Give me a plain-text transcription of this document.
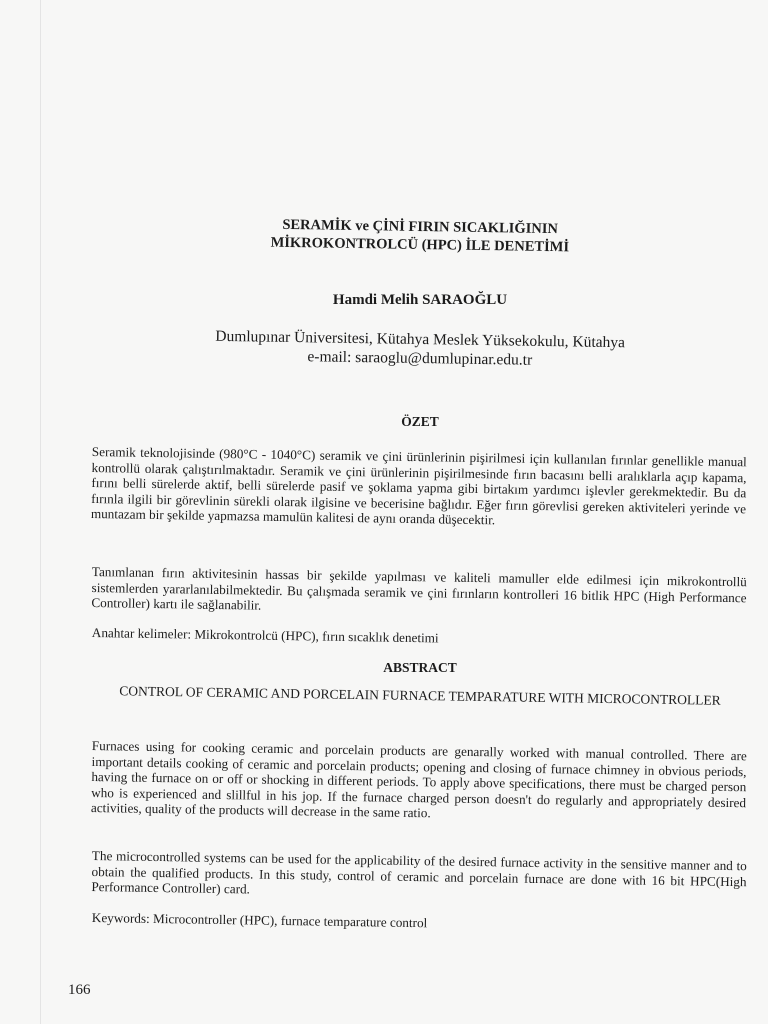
SERAMİK ve ÇİNİ FIRIN SICAKLIĞININ
MİKROKONTROLCÜ (HPC) İLE DENETİMİ
Hamdi Melih SARAOĞLU
Dumlupınar Üniversitesi, Kütahya Meslek Yüksekokulu, Kütahya
e-mail: saraoglu@dumlupinar.edu.tr
ÖZET
Seramik teknolojisinde (980°C - 1040°C) seramik ve çini ürünlerinin pişirilmesi için kullanılan fırınlar genellikle manual kontrollü olarak çalıştırılmaktadır. Seramik ve çini ürünlerinin pişirilmesinde fırın bacasını belli aralıklarla açıp kapama, fırını belli sürelerde aktif, belli sürelerde pasif ve şoklama yapma gibi birtakım yardımcı işlevler gerekmektedir. Bu da fırınla ilgili bir görevlinin sürekli olarak ilgisine ve becerisine bağlıdır. Eğer fırın görevlisi gereken aktiviteleri yerinde ve muntazam bir şekilde yapmazsa mamulün kalitesi de aynı oranda düşecektir.
Tanımlanan fırın aktivitesinin hassas bir şekilde yapılması ve kaliteli mamuller elde edilmesi için mikrokontrollü sistemlerden yararlanılabilmektedir. Bu çalışmada seramik ve çini fırınların kontrolleri 16 bitlik HPC (High Performance Controller) kartı ile sağlanabilir.
Anahtar kelimeler: Mikrokontrolcü (HPC), fırın sıcaklık denetimi
ABSTRACT
CONTROL OF CERAMIC AND PORCELAIN FURNACE TEMPARATURE WITH MICROCONTROLLER
Furnaces using for cooking ceramic and porcelain products are genarally worked with manual controlled. There are important details cooking of ceramic and porcelain products; opening and closing of furnace chimney in obvious periods, having the furnace on or off or shocking in different periods. To apply above specifications, there must be charged person who is experienced and slillful in his jop. If the furnace charged person doesn't do regularly and appropriately desired activities, quality of the products will decrease in the same ratio.
The microcontrolled systems can be used for the applicability of the desired furnace activity in the sensitive manner and to obtain the qualified products. In this study, control of ceramic and porcelain furnace are done with 16 bit HPC(High Performance Controller) card.
Keywords: Microcontroller (HPC), furnace temparature control
166
